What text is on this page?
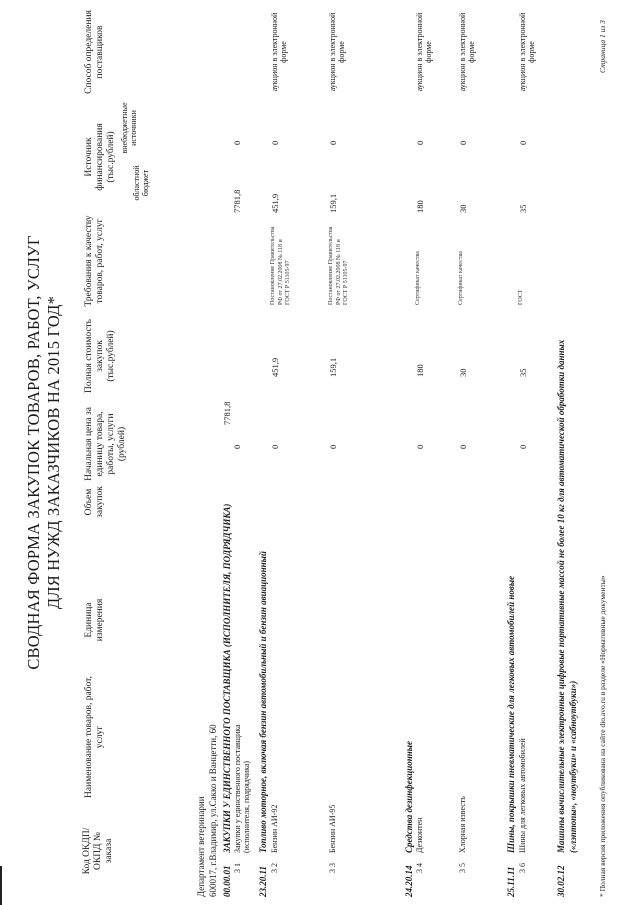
СВОДНАЯ ФОРМА ЗАКУПОК ТОВАРОВ, РАБОТ, УСЛУГ ДЛЯ НУЖД ЗАКАЗЧИКОВ НА 2015 ГОД*
Код ОКДП/ ОКПД № заказа
Наименование товаров, работ, услуг
Единица измерения
Объем закупок
Начальная цена за единицу товара, работы, услуги (рублей)
Полная стоимость закупок (тыс.рублей)
Требования к качеству товаров, работ, услуг
Источник финансирования (тыс.рублей)
областной бюджет
внебюджетные источники
Способ определения поставщиков
Департамент ветеринарии 600017, г.Владимир, ул.Сакко и Ванцетти, 60 00.00.01
ЗАКУПКИ У ЕДИНСТВЕННОГО ПОСТАВЩИКА (ИСПОЛНИТЕЛЯ, ПОДРЯДЧИКА)
7781,8
3 1
Закупки у единственного поставщика (исполнителя, подрядчика)
0
7781,8
0
23.20.11
Топливо моторное, включая бензин автомобильный и бензин авиационный
3 2
Бензин АИ-92
0
451,9
Постановление Правительства РФ от 27.02.2008 № 118 и ГОСТ Р 51105-97
451,9
0
аукцион в электронной форме
3 3
Бензин АИ-95
0
159,1
Постановление Правительства РФ от 27.02.2008 № 118 и ГОСТ Р 51105-97
159,1
0
аукцион в электронной форме
24.20.14
Средства дезинфекционные
3 4
Дезконтен
0
180
Сертификат качества
180
0
аукцион в электронной форме
3 5
Хлорная известь
0
30
Сертификат качества
30
0
аукцион в электронной форме
25.11.11
Шины, покрышки пневматические для легковых автомобилей новые
3 6
Шины для легковых автомобилей
0
35
ГОСТ
35
0
аукцион в электронной форме
30.02.12
Машины вычислительные электронные цифровые портативные массой не более 10 кг для автоматической обработки данных («лэптопы», «ноутбуки» и «сабноутбуки»)	* Полная версия приложения опубликована на сайте dio.avo.ru в разделе «Нормативные документы»
Страница 1 из 3
